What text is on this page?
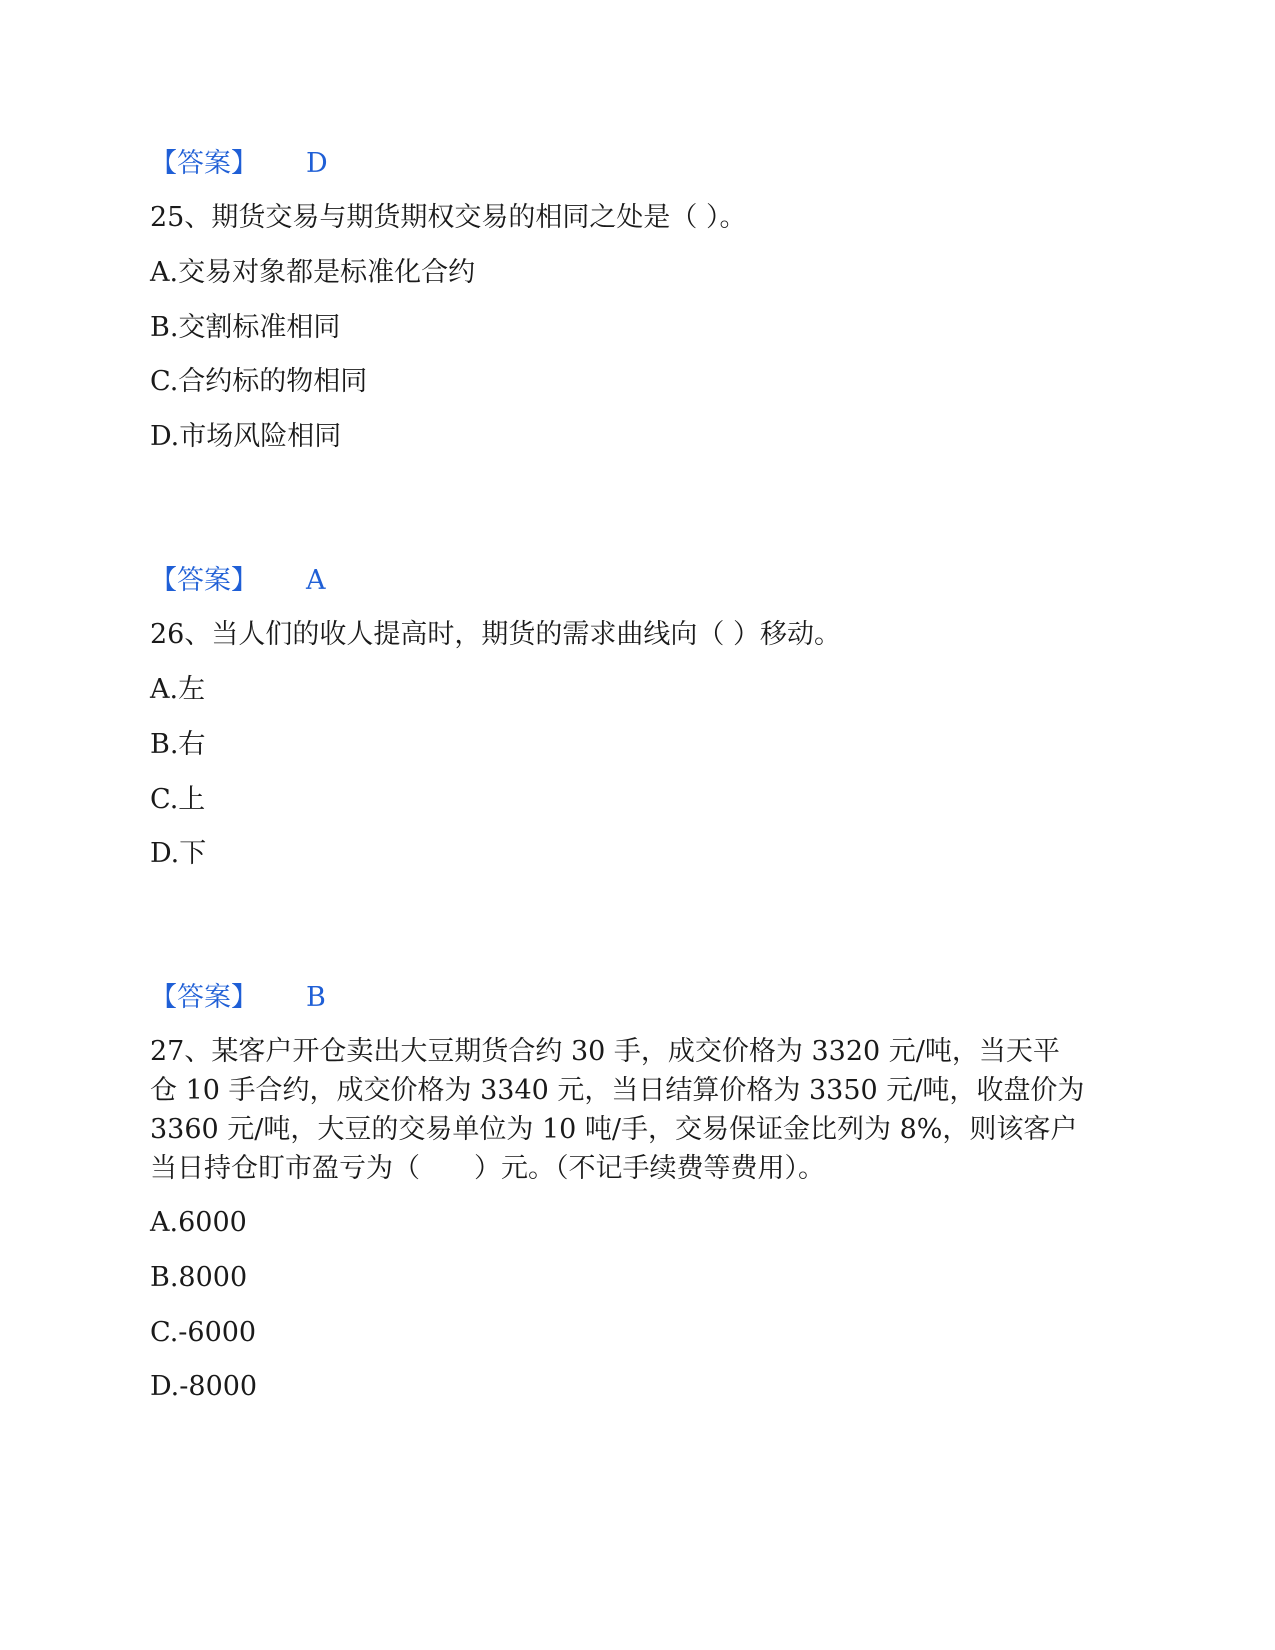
【答案】 D
25、期货交易与期货期权交易的相同之处是（ ）。
A.交易对象都是标准化合约
B.交割标准相同
C.合约标的物相同
D.市场风险相同
【答案】 A
26、当人们的收人提高时，期货的需求曲线向（ ）移动。
A.左
B.右
C.上
D.下
【答案】 B
27、某客户开仓卖出大豆期货合约 30 手，成交价格为 3320 元/吨，当天平
仓 10 手合约，成交价格为 3340 元，当日结算价格为 3350 元/吨，收盘价为
3360 元/吨，大豆的交易单位为 10 吨/手，交易保证金比列为 8%，则该客户
当日持仓盯市盈亏为（　　）元。（不记手续费等费用）。
A.6000
B.8000
C.-6000
D.-8000
